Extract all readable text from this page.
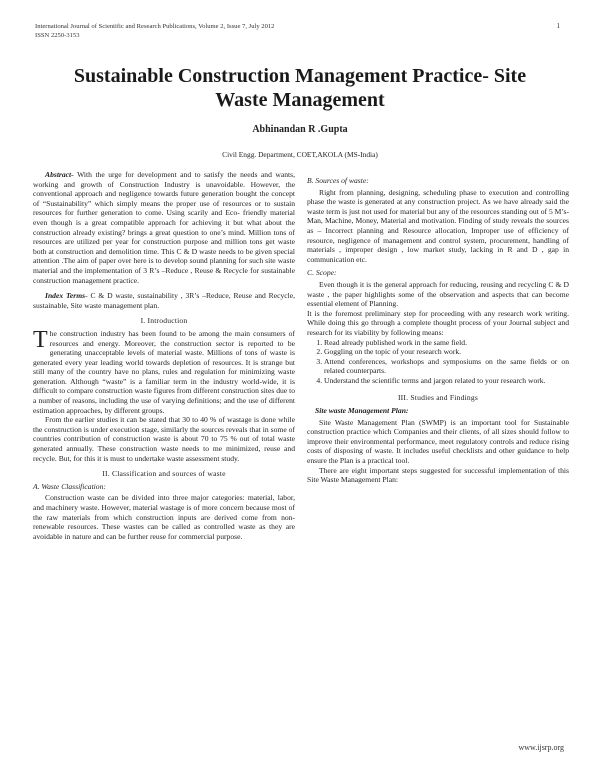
International Journal of Scientific and Research Publications, Volume 2, Issue 7, July 2012
ISSN 2250-3153
1
Sustainable Construction Management Practice- Site
Waste Management
Abhinandan R .Gupta
Civil Engg. Department, COET,AKOLA (MS-India)

Abstract- With the urge for development and to satisfy the needs and wants, working and growth of Construction Industry is unavoidable. However, the conventional approach and negligence towards future generation bought the concept of “Sustainability” which simply means the proper use of resources or to sustain resources for further generation to come. Using scarily and Eco- friendly material even though is a great compatible approach for achieving it but what about the construction already existing? brings a great question to one’s mind. Million tons of resources are utilized per year for construction purpose and million tons get waste both at construction and demolition time. This C & D waste needs to be given special attention .The aim of paper over here is to develop sound planning for such site waste material and the implementation of 3 R’s –Reduce , Reuse & Recycle for sustainable construction management practice.

Index Terms- C & D waste, sustainability , 3R’s –Reduce, Reuse and Recycle, sustainable, Site waste management plan.

I. Introduction

The construction industry has been found to be among the main consumers of resources and energy. Moreover, the construction sector is reported to be generating unacceptable levels of material waste. Millions of tons of waste is generated every year leading world towards depletion of resources. It is strange but still many of the country have no plans, rules and regulation for minimizing waste generation. Although “waste” is a familiar term in the industry world-wide, it is difficult to compare construction waste figures from different construction sites due to a number of reasons, including the use of varying definitions; and the use of different estimation approaches, by different groups.

From the earlier studies it can be stated that 30 to 40 % of wastage is done while the construction is under execution stage, similarly the sources reveals that in some of countries contribution of construction waste is about 70 to 75 % out of total waste generated annually. These construction waste needs to me minimized, reuse and recycle. But, for this it is must to undertake waste assessment study.

II. Classification and sources of waste
A. Waste Classification:

Construction waste can be divided into three major categories: material, labor, and machinery waste. However, material wastage is of more concern because most of the raw materials from which construction inputs are derived come from non-renewable resources. These wastes can be called as controlled waste as they are avoidable in nature and can be further reuse for commercial purpose.

B. Sources of waste:

Right from planning, designing, scheduling phase to execution and controlling phase the waste is generated at any construction project. As we have already said the waste term is just not used for material but any of the resources standing out of 5 M’s- Man, Machine, Money, Material and motivation. Finding of study reveals the sources as – Incorrect planning and Resource allocation, Improper use of efficiency of resource, negligence of management and control system, procurement, handling of materials , improper design , low market study, lacking in R and D , gap in communication etc.

C. Scope:

Even though it is the general approach for reducing, reusing and recycling C & D waste , the paper highlights some of the observation and aspects that can become essential element of Planning.

It is the foremost preliminary step for proceeding with any research work writing. While doing this go through a complete thought process of your Journal subject and research for its viability by following means:

1. Read already published work in the same field.
2. Goggling on the topic of your research work.
3. Attend conferences, workshops and symposiums on the same fields or on related counterparts.
4. Understand the scientific terms and jargon related to your research work.
III. Studies and Findings
Site waste Management Plan:

Site Waste Management Plan (SWMP) is an important tool for Sustainable construction practice which Companies and their clients, of all sizes should follow to improve their environmental performance, meet regulatory controls and reduce rising costs of disposing of waste. It includes useful checklists and other guidance to help ensure the Plan is a practical tool.

There are eight important steps suggested for successful implementation of this Site Waste Management Plan:

www.ijsrp.org
